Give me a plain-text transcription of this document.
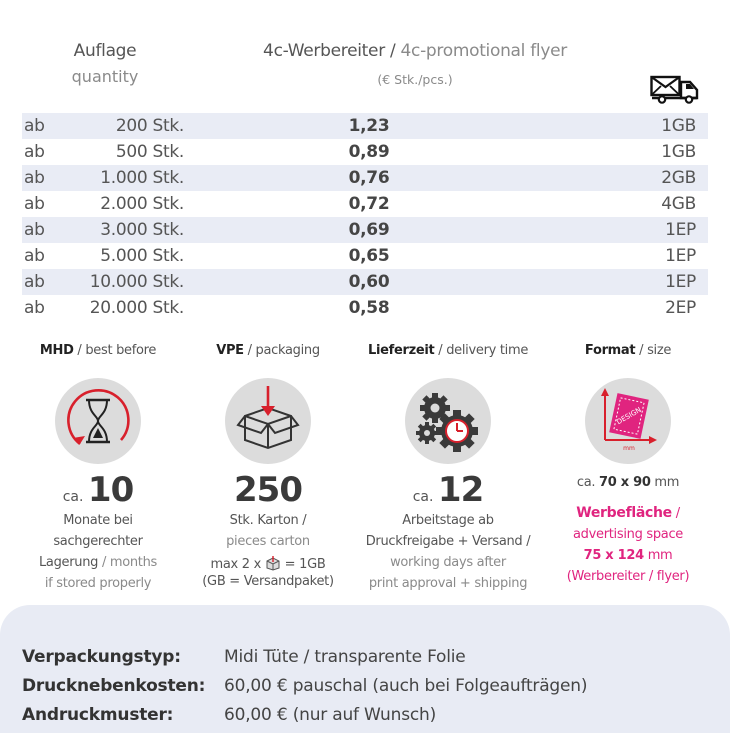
Auflage
quantity
4c-Werbereiter / 4c-promotional flyer
(€ Stk./pcs.)
ab	200 Stk.	1,23	1GB
ab	500 Stk.	0,89	1GB
ab	1.000 Stk.	0,76	2GB
ab	2.000 Stk.	0,72	4GB
ab	3.000 Stk.	0,69	1EP
ab	5.000 Stk.	0,65	1EP
ab	10.000 Stk.	0,60	1EP
ab	20.000 Stk.	0,58	2EP
MHD / best before
ca. 10
Monate bei
sachgerechter
Lagerung / months
if stored properly
VPE / packaging
250
Stk. Karton /
pieces carton
max 2 x = 1GB
(GB = Versandpaket)
Lieferzeit / delivery time
ca. 12
Arbeitstage ab
Druckfreigabe + Versand /
working days after
print approval + shipping
Format / size
DESIGN
mm
ca. 70 x 90 mm
Werbefläche /
advertising space
75 x 124 mm
(Werbereiter / flyer)
Verpackungstyp:	Midi Tüte / transparente Folie
Drucknebenkosten:	60,00 € pauschal (auch bei Folgeaufträgen)
Andruckmuster:	60,00 € (nur auf Wunsch)
